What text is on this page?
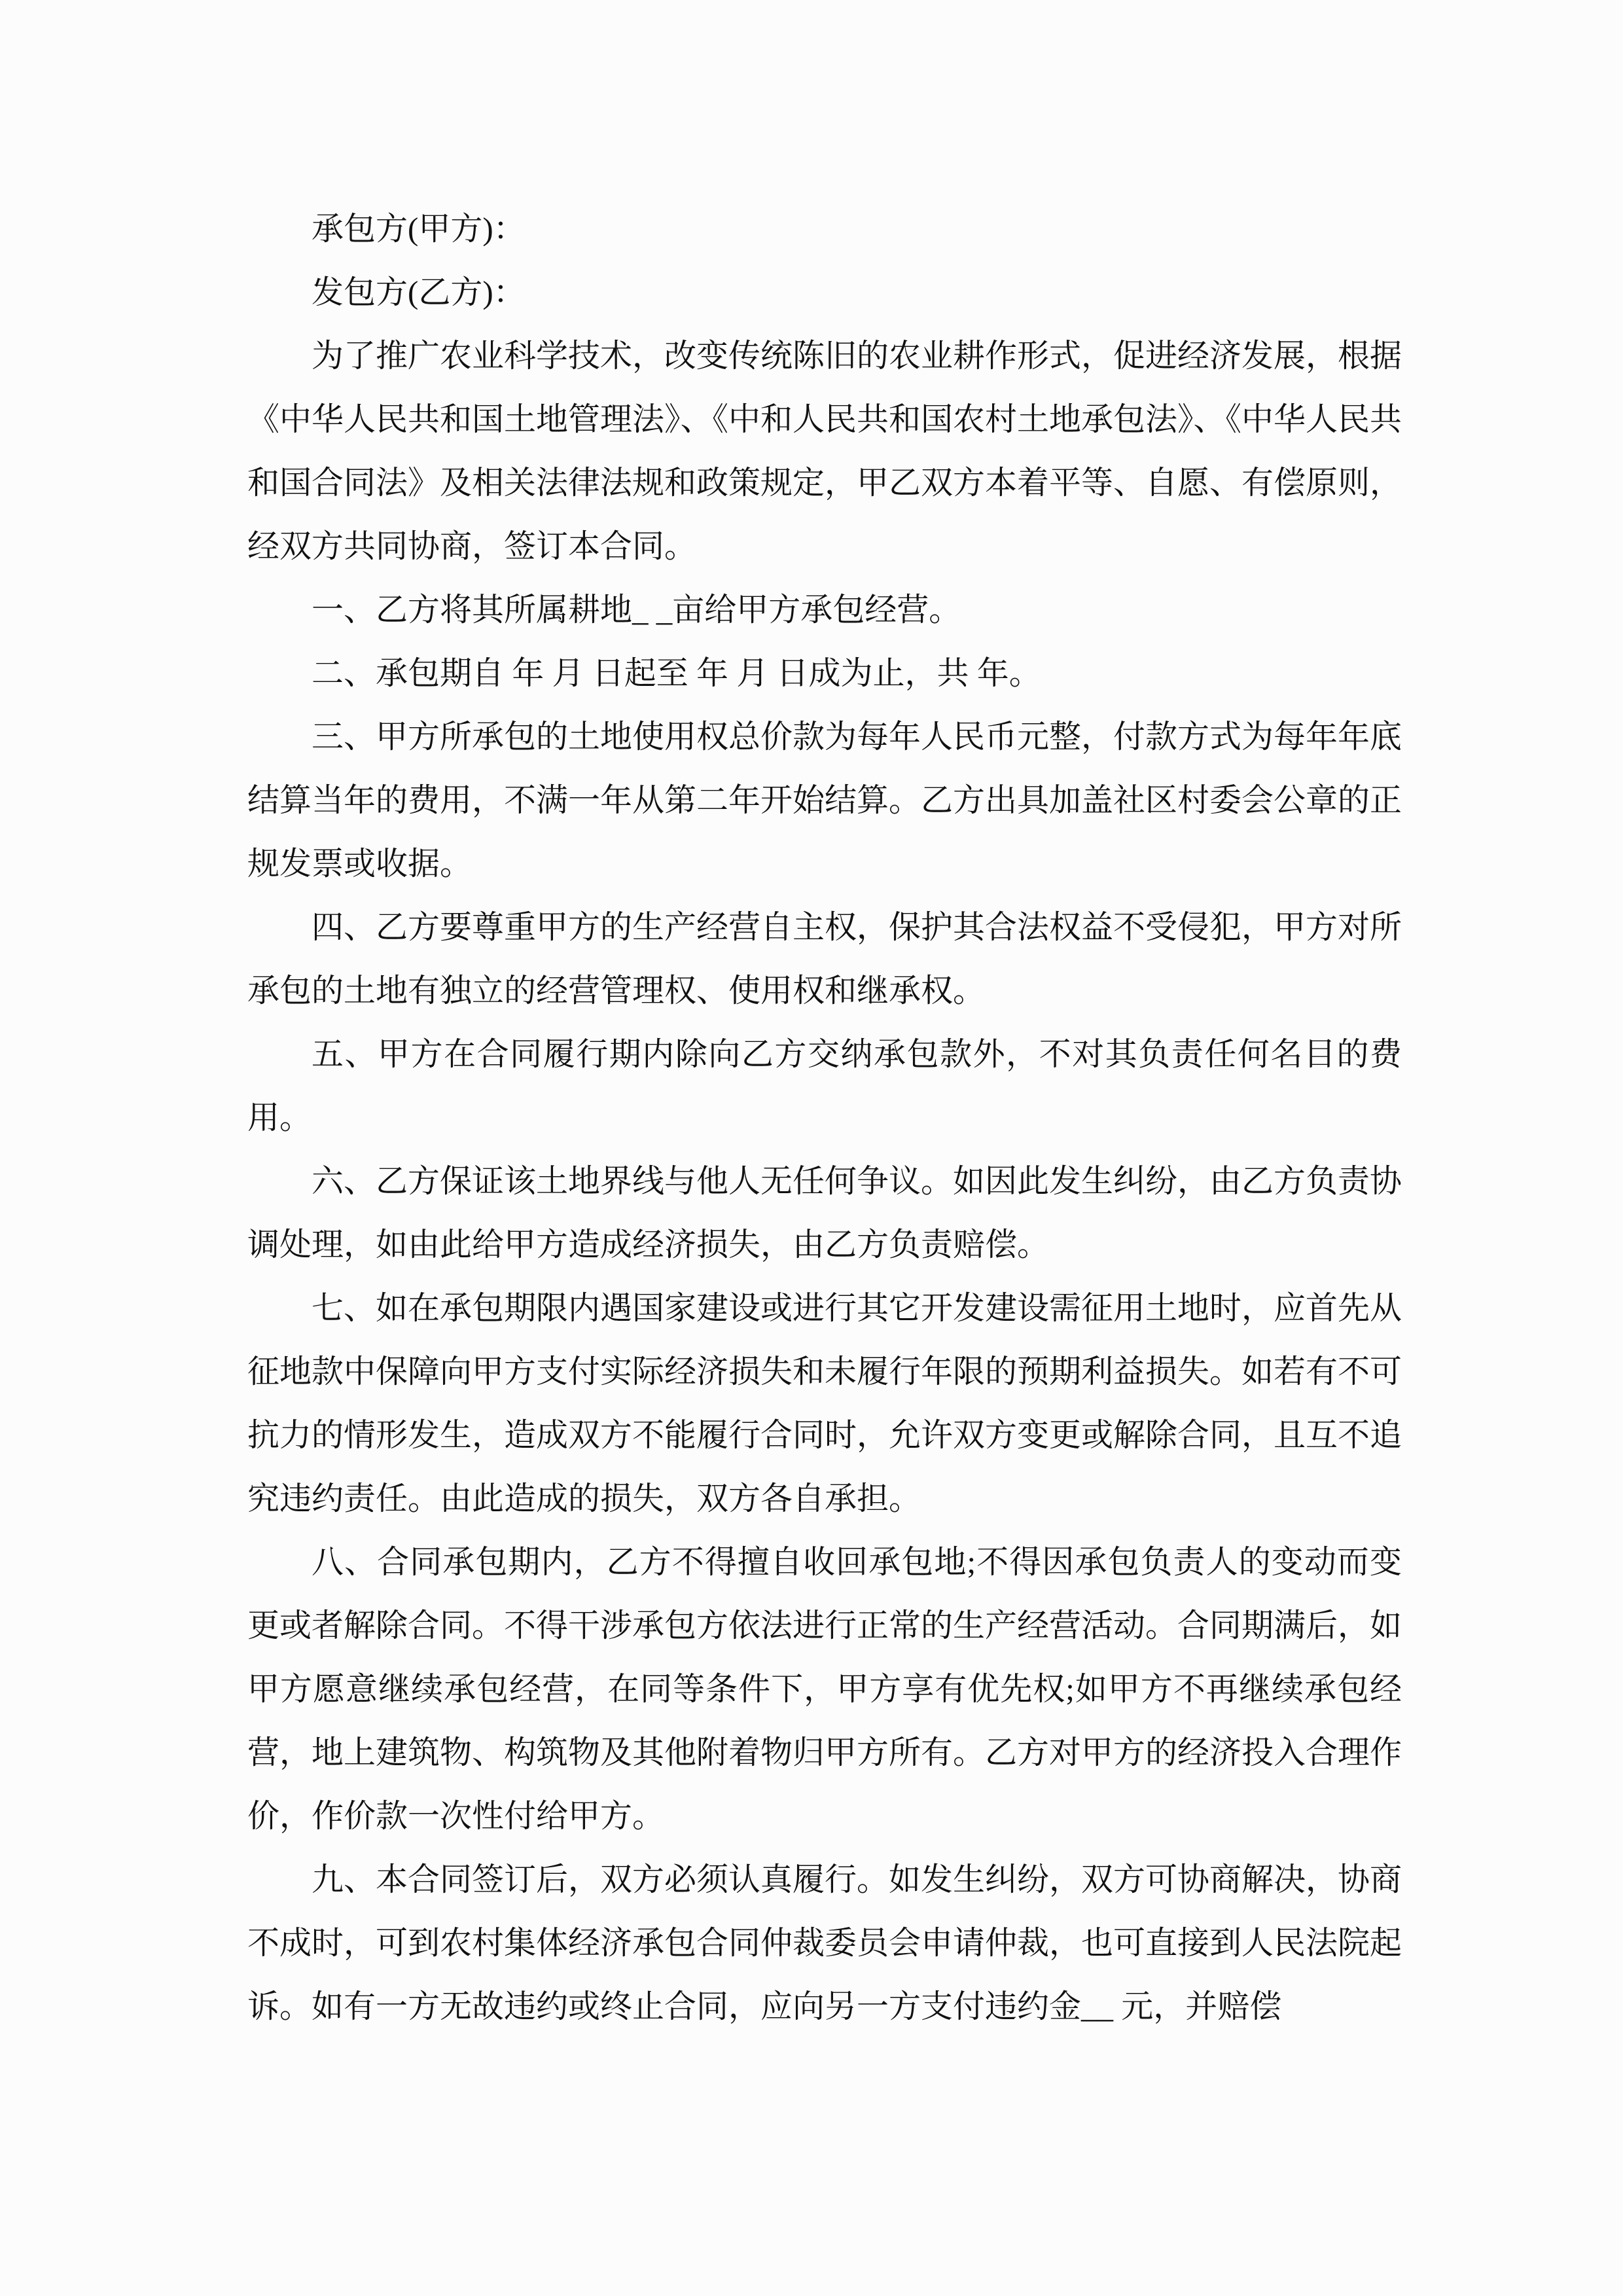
承包方(甲方)：

发包方(乙方)：

为了推广农业科学技术，改变传统陈旧的农业耕作形式，促进经济发展，根据《中华人民共和国土地管理法》、《中和人民共和国农村土地承包法》、《中华人民共和国合同法》及相关法律法规和政策规定，甲乙双方本着平等、自愿、有偿原则，经双方共同协商，签订本合同。

一、乙方将其所属耕地_ _亩给甲方承包经营。

二、承包期自 年 月 日起至 年 月 日成为止，共 年。

三、甲方所承包的土地使用权总价款为每年人民币元整，付款方式为每年年底结算当年的费用，不满一年从第二年开始结算。乙方出具加盖社区村委会公章的正规发票或收据。

四、乙方要尊重甲方的生产经营自主权，保护其合法权益不受侵犯，甲方对所承包的土地有独立的经营管理权、使用权和继承权。

五、甲方在合同履行期内除向乙方交纳承包款外，不对其负责任何名目的费用。

六、乙方保证该土地界线与他人无任何争议。如因此发生纠纷，由乙方负责协调处理，如由此给甲方造成经济损失，由乙方负责赔偿。

七、如在承包期限内遇国家建设或进行其它开发建设需征用土地时，应首先从征地款中保障向甲方支付实际经济损失和未履行年限的预期利益损失。如若有不可抗力的情形发生，造成双方不能履行合同时，允许双方变更或解除合同，且互不追究违约责任。由此造成的损失，双方各自承担。

八、合同承包期内，乙方不得擅自收回承包地;不得因承包负责人的变动而变更或者解除合同。不得干涉承包方依法进行正常的生产经营活动。合同期满后，如甲方愿意继续承包经营，在同等条件下，甲方享有优先权;如甲方不再继续承包经营，地上建筑物、构筑物及其他附着物归甲方所有。乙方对甲方的经济投入合理作价，作价款一次性付给甲方。

九、本合同签订后，双方必须认真履行。如发生纠纷，双方可协商解决，协商不成时，可到农村集体经济承包合同仲裁委员会申请仲裁，也可直接到人民法院起诉。如有一方无故违约或终止合同，应向另一方支付违约金__ 元，并赔偿
